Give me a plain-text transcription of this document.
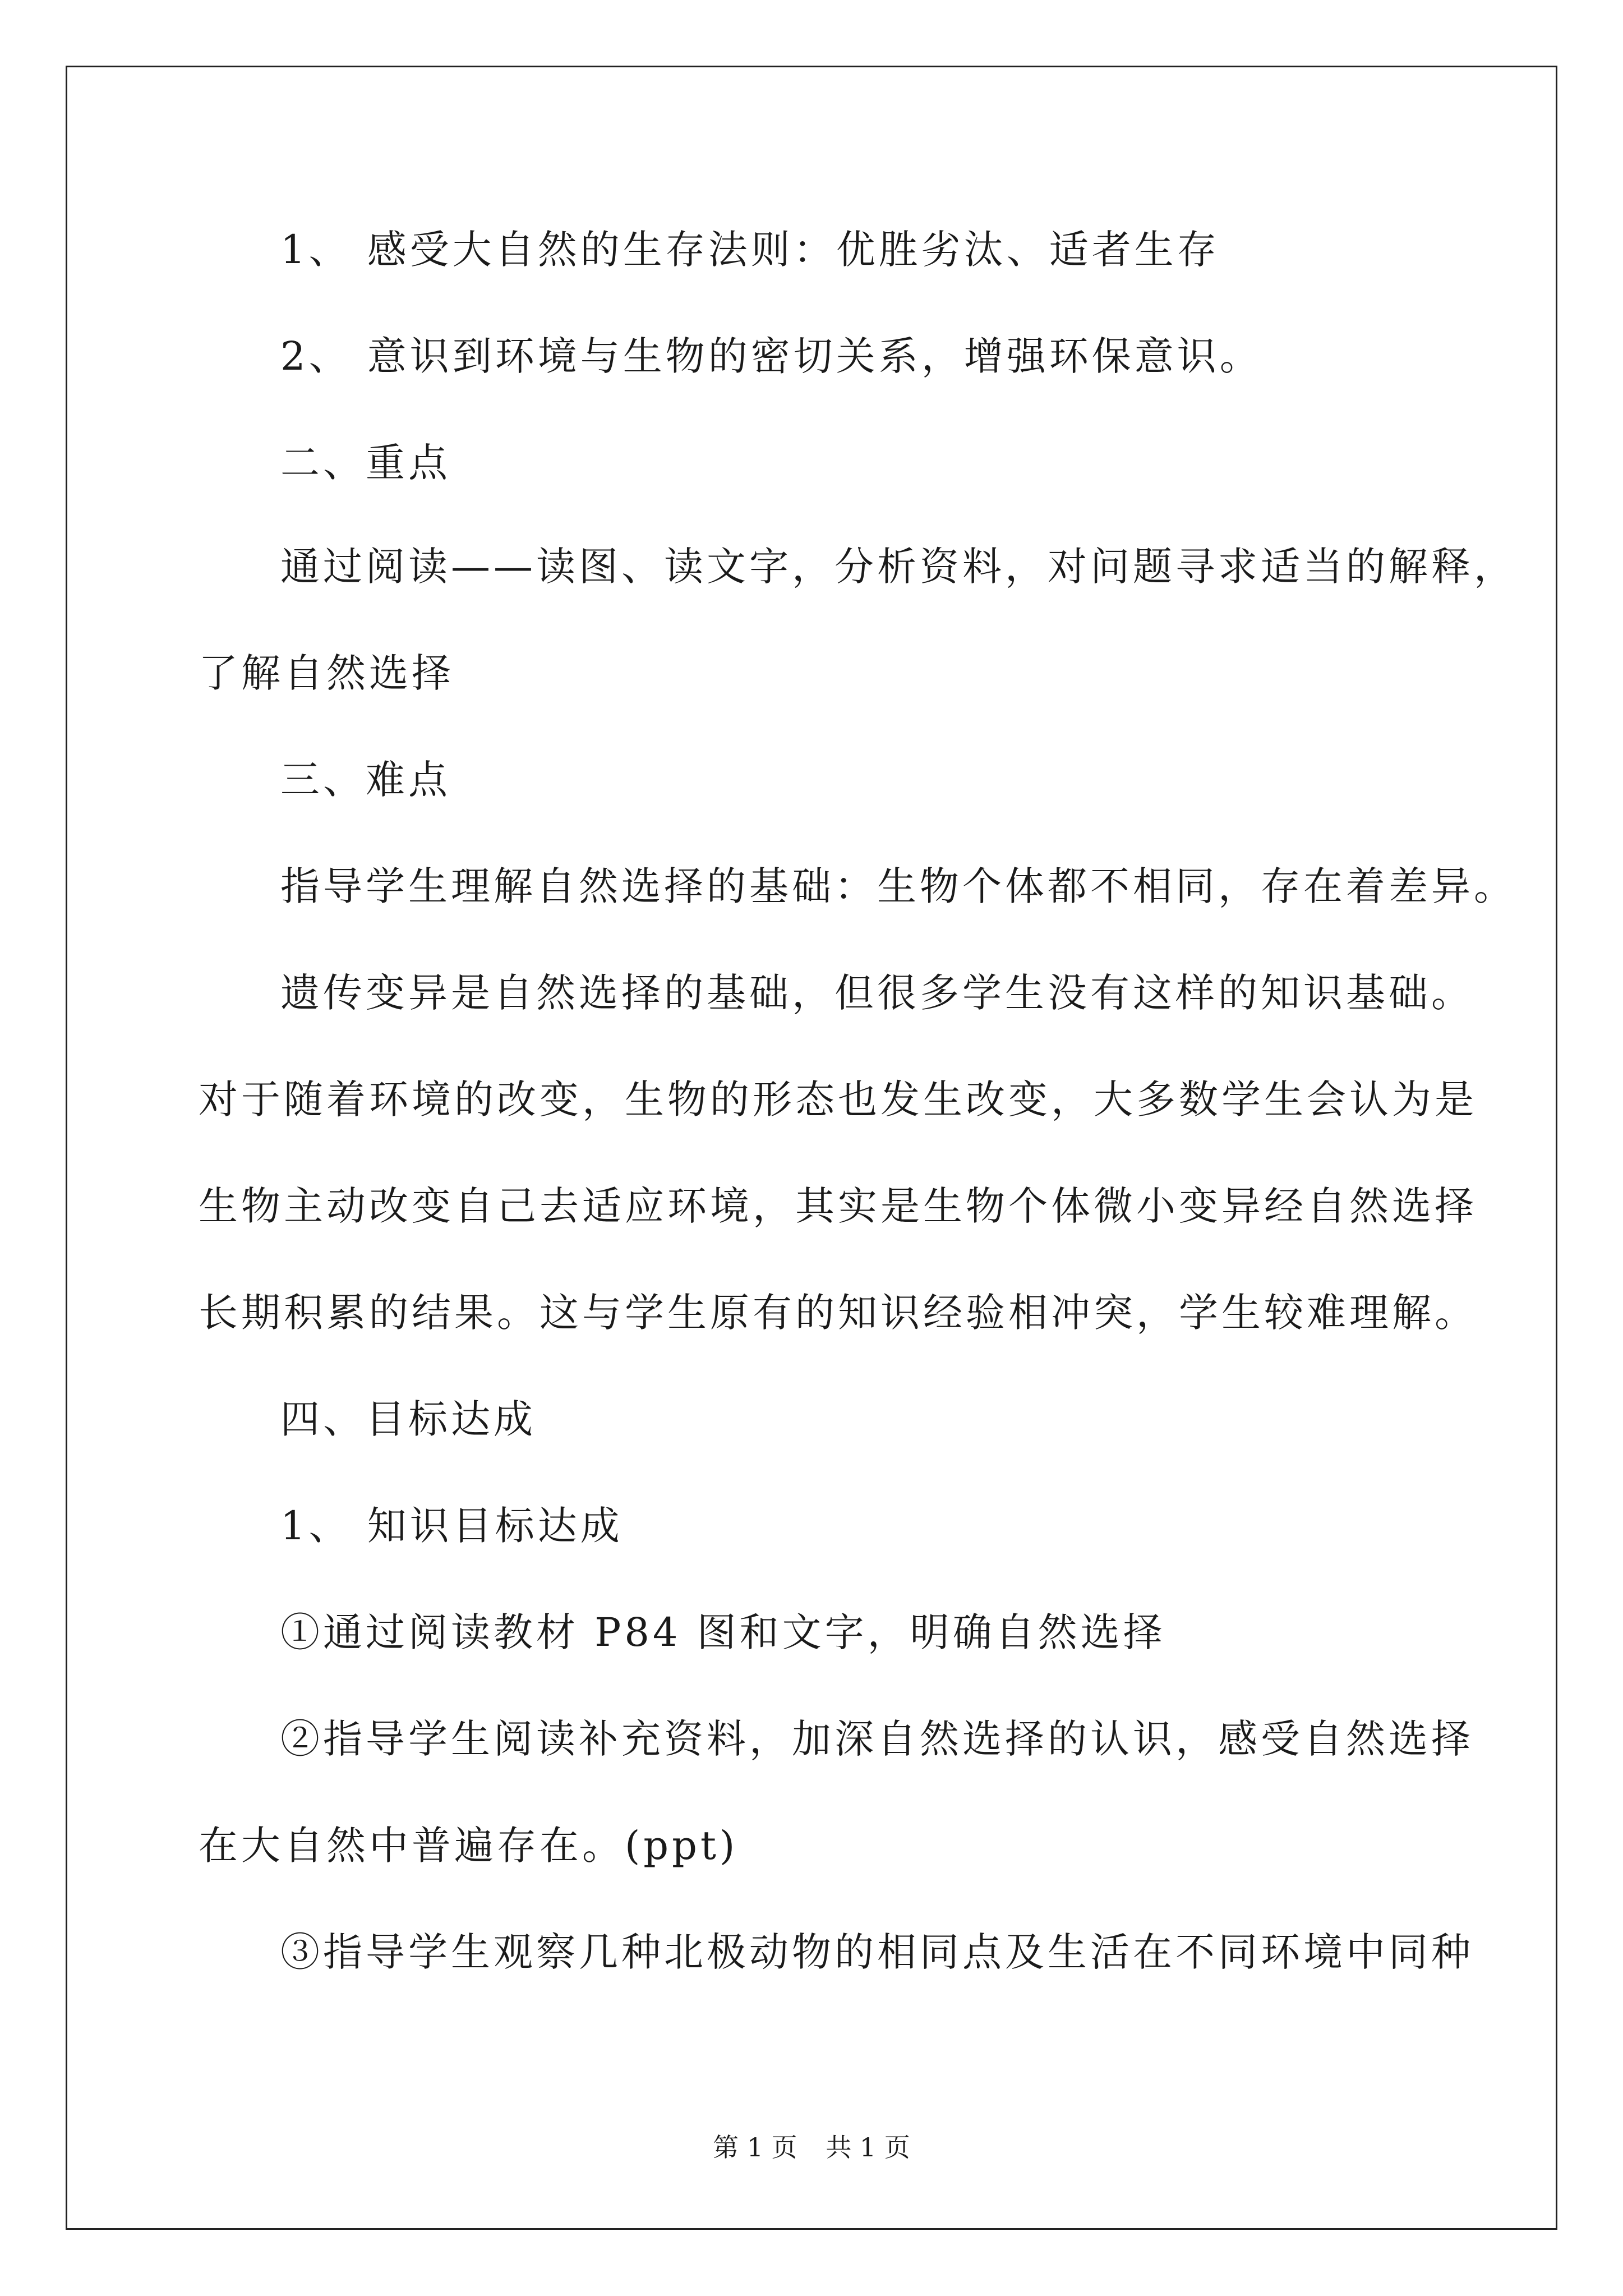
1、 感受大自然的生存法则：优胜劣汰、适者生存
2、 意识到环境与生物的密切关系，增强环保意识。
二、重点
通过阅读——读图、读文字，分析资料，对问题寻求适当的解释，
了解自然选择
三、难点
指导学生理解自然选择的基础：生物个体都不相同，存在着差异。
遗传变异是自然选择的基础，但很多学生没有这样的知识基础。
对于随着环境的改变，生物的形态也发生改变，大多数学生会认为是
生物主动改变自己去适应环境，其实是生物个体微小变异经自然选择
长期积累的结果。这与学生原有的知识经验相冲突，学生较难理解。
四、目标达成
1、 知识目标达成
①通过阅读教材 P84 图和文字，明确自然选择
②指导学生阅读补充资料，加深自然选择的认识，感受自然选择
在大自然中普遍存在。(ppt)
③指导学生观察几种北极动物的相同点及生活在不同环境中同种
第 1 页 共 1 页
